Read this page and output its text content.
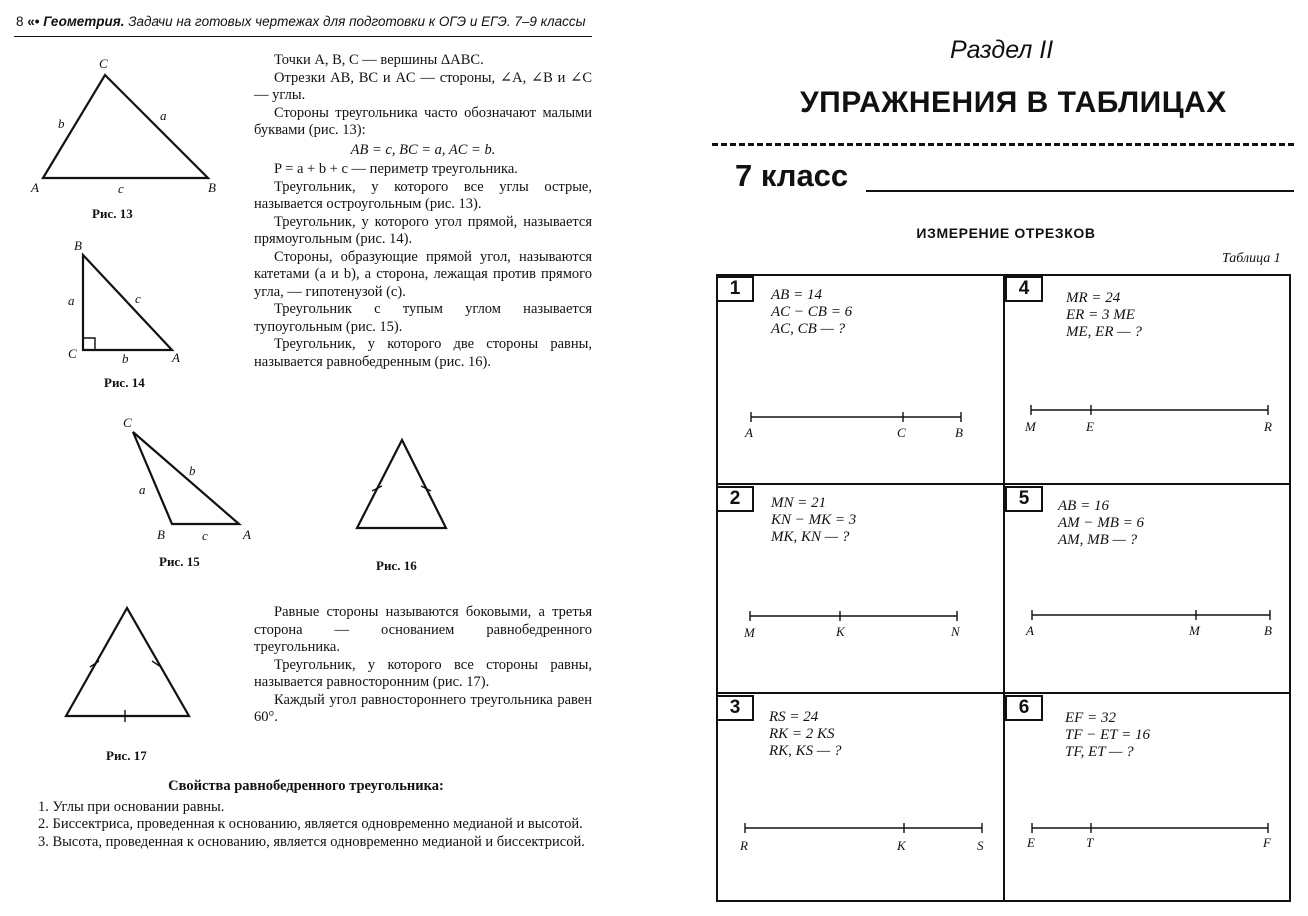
8 «• Геометрия. Задачи на готовых чертежах для подготовки к ОГЭ и ЕГЭ. 7–9 классы
C
A	B
b
a
c
Рис. 13
B
C	A
a	c
b
Рис. 14
C
B	A
a
b
c
Рис. 15	Рис. 16
Рис. 17

Точки A, B, C — вершины ΔABC.

Отрезки AB, BC и AC — стороны, ∠A, ∠B и ∠C — углы.

Стороны треугольника часто обозначают малыми буквами (рис. 13):

AB = c, BC = a, AC = b.

P = a + b + c — периметр треугольника.

Треугольник, у которого все углы острые, называется остроугольным (рис. 13).

Треугольник, у которого угол прямой, называется прямоугольным (рис. 14).

Стороны, образующие прямой угол, называются катетами (a и b), а сторона, лежащая против прямого угла, — гипотенузой (c).

Треугольник с тупым углом называется тупоугольным (рис. 15).

Треугольник, у которого две стороны равны, называется равнобедренным (рис. 16).

Равные стороны называются боковыми, а третья сторона — основанием равнобедренного треугольника.

Треугольник, у которого все стороны равны, называется равносторонним (рис. 17).

Каждый угол равностороннего треугольника равен 60°.

Свойства равнобедренного треугольника:

1. Углы при основании равны.

2. Биссектриса, проведенная к основанию, является одновременно медианой и высотой.

3. Высота, проведенная к основанию, является одновременно медианой и биссектрисой.

Раздел II
УПРАЖНЕНИЯ В ТАБЛИЦАХ
7 класс
ИЗМЕРЕНИЕ ОТРЕЗКОВ
Таблица 1
1	AB = 14
AC − CB = 6
AC, CB — ?
A	C	B
4	MR = 24
ER = 3 ME
ME, ER — ?
M	E	R
2	MN = 21
KN − MK = 3
MK, KN — ?
M	K	N
5	AB = 16
AM − MB = 6
AM, MB — ?
A	M	B
3	RS = 24
RK = 2 KS
RK, KS — ?
R	K	S
6	EF = 32
TF − ET = 16
TF, ET — ?
E	T	F
